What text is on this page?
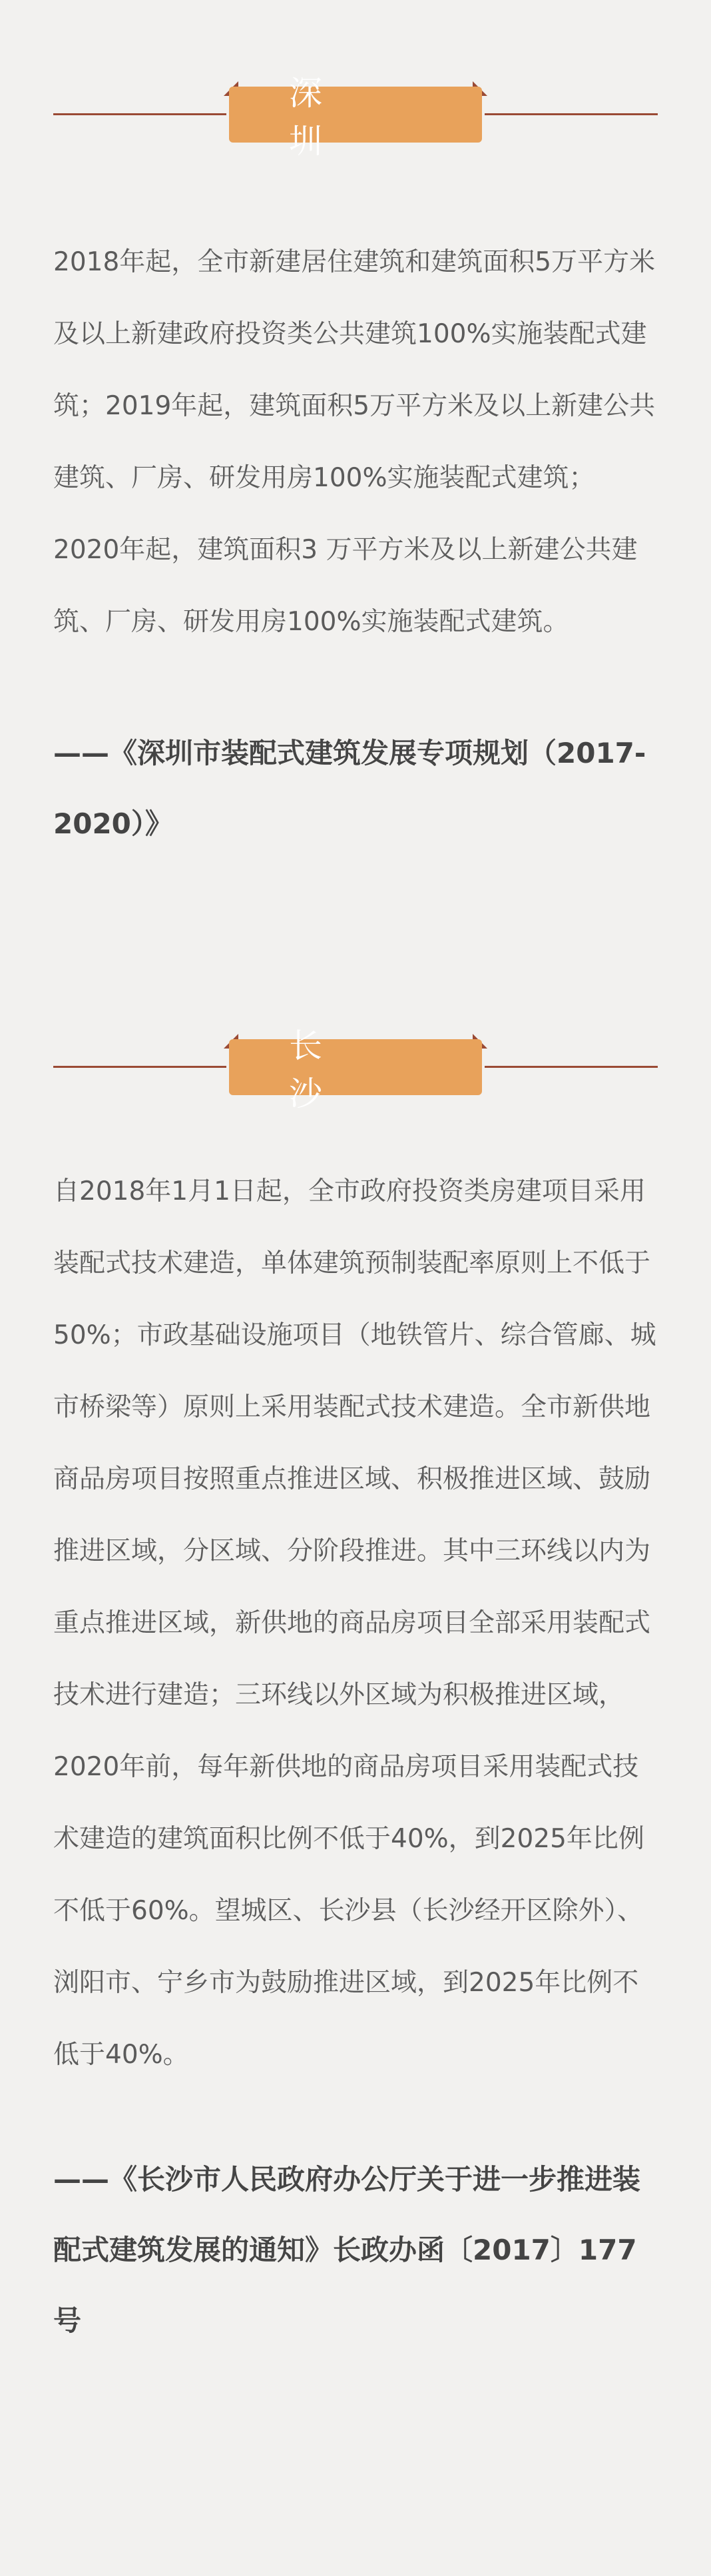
深 圳

2018年起，全市新建居住建筑和建筑面积5万平方米及以上新建政府投资类公共建筑100%实施装配式建筑；2019年起，建筑面积5万平方米及以上新建公共建筑、厂房、研发用房100%实施装配式建筑；2020年起，建筑面积3 万平方米及以上新建公共建筑、厂房、研发用房100%实施装配式建筑。

——《深圳市装配式建筑发展专项规划（2017-2020）》

长 沙

自2018年1月1日起，全市政府投资类房建项目采用装配式技术建造，单体建筑预制装配率原则上不低于50%；市政基础设施项目（地铁管片、综合管廊、城市桥梁等）原则上采用装配式技术建造。全市新供地商品房项目按照重点推进区域、积极推进区域、鼓励推进区域，分区域、分阶段推进。其中三环线以内为重点推进区域，新供地的商品房项目全部采用装配式技术进行建造；三环线以外区域为积极推进区域，2020年前，每年新供地的商品房项目采用装配式技术建造的建筑面积比例不低于40%，到2025年比例不低于60%。望城区、长沙县（长沙经开区除外）、浏阳市、宁乡市为鼓励推进区域，到2025年比例不低于40%。

——《长沙市人民政府办公厅关于进一步推进装配式建筑发展的通知》长政办函〔2017〕177号
